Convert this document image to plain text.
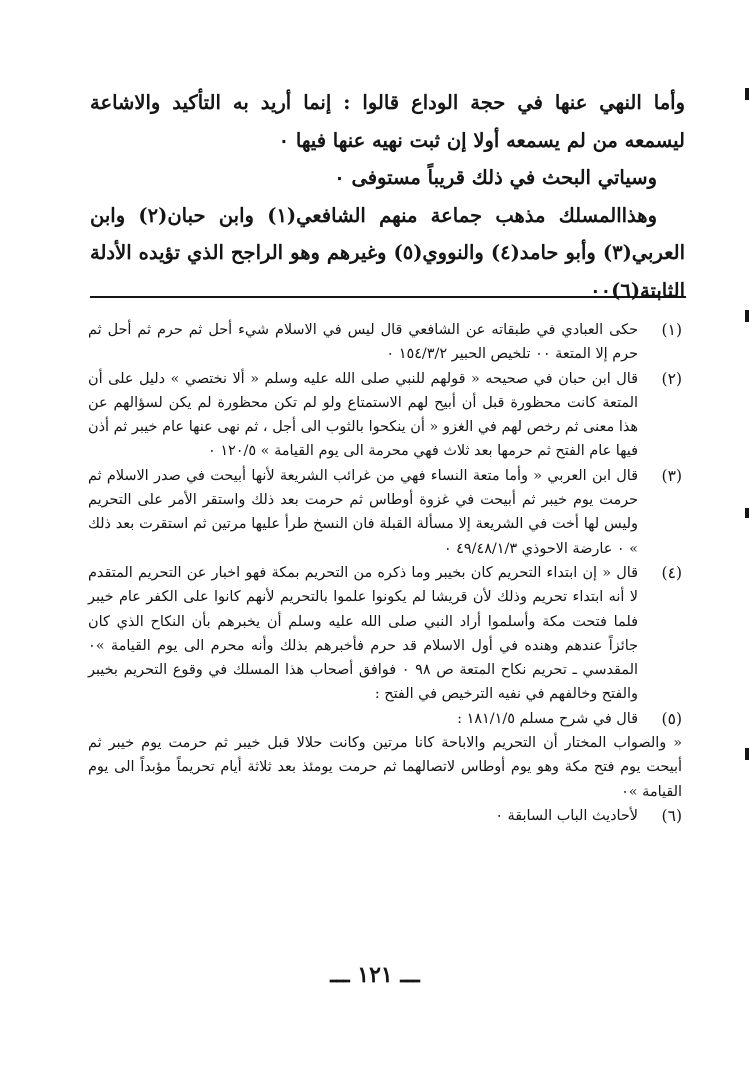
وأما النهي عنها في حجة الوداع قالوا : إنما أريد به التأكيد والاشاعة ليسمعه من لم يسمعه أولا إن ثبت نهيه عنها فيها ٠

وسياتي البحث في ذلك قريباً مستوفى ٠

وهذاالمسلك مذهب جماعة منهم الشافعي(١) وابن حبان(٢) وابن العربي(٣) وأبو حامد(٤) والنووي(٥) وغيرهم وهو الراجح الذي تؤيده الأدلة الثابتة(٦)٠٠

(١)
حكى العبادي في طبقاته عن الشافعي قال ليس في الاسلام شيء أحل ثم حرم ثم أحل ثم حرم إلا المتعة ٠٠ تلخيص الحبير ١٥٤/٣/٢ ٠
(٢)
قال ابن حبان في صحيحه « قولهم للنبي صلى الله عليه وسلم « ألا نختصي » دليل على أن المتعة كانت محظورة قبل أن أبيح لهم الاستمتاع ولو لم تكن محظورة لم يكن لسؤالهم عن هذا معنى ثم رخص لهم في الغزو « أن ينكحوا بالثوب الى أجل ، ثم نهى عنها عام خيبر ثم أذن فيها عام الفتح ثم حرمها بعد ثلاث فهي محرمة الى يوم القيامة » ١٢٠/٥ ٠
(٣)
قال ابن العربي « وأما متعة النساء فهي من غرائب الشريعة لأنها أبيحت في صدر الاسلام ثم حرمت يوم خيبر ثم أبيحت في غزوة أوطاس ثم حرمت بعد ذلك واستقر الأمر على التحريم وليس لها أخت في الشريعة إلا مسألة القبلة فان النسخ طرأ عليها مرتين ثم استقرت بعد ذلك » ٠ عارضة الاحوذي ٤٩/٤٨/١/٣ ٠
(٤)
قال « إن ابتداء التحريم كان بخيبر وما ذكره من التحريم بمكة فهو اخبار عن التحريم المتقدم لا أنه ابتداء تحريم وذلك لأن قريشا لم يكونوا علموا بالتحريم لأنهم كانوا على الكفر عام خيبر فلما فتحت مكة وأسلموا أراد النبي صلى الله عليه وسلم أن يخبرهم بأن النكاح الذي كان جائزاً عندهم وهنده في أول الاسلام قد حرم فأخبرهم بذلك وأنه محرم الى يوم القيامة »٠ المقدسي ـ تحريم نكاح المتعة ص ٩٨ ٠ فوافق أصحاب هذا المسلك في وقوع التحريم بخيبر والفتح وخالفهم في نفيه الترخيص في الفتح :
(٥)
قال في شرح مسلم ١٨١/١/٥ :
« والصواب المختار أن التحريم والاباحة كانا مرتين وكانت حلالا قبل خيبر ثم حرمت يوم خيبر ثم أبيحت يوم فتح مكة وهو يوم أوطاس لاتصالهما ثم حرمت يومئذ بعد ثلاثة أيام تحريماً مؤبداً الى يوم القيامة »٠
(٦)
لأحاديث الباب السابقة ٠
ـــ ١٢١ ـــ
